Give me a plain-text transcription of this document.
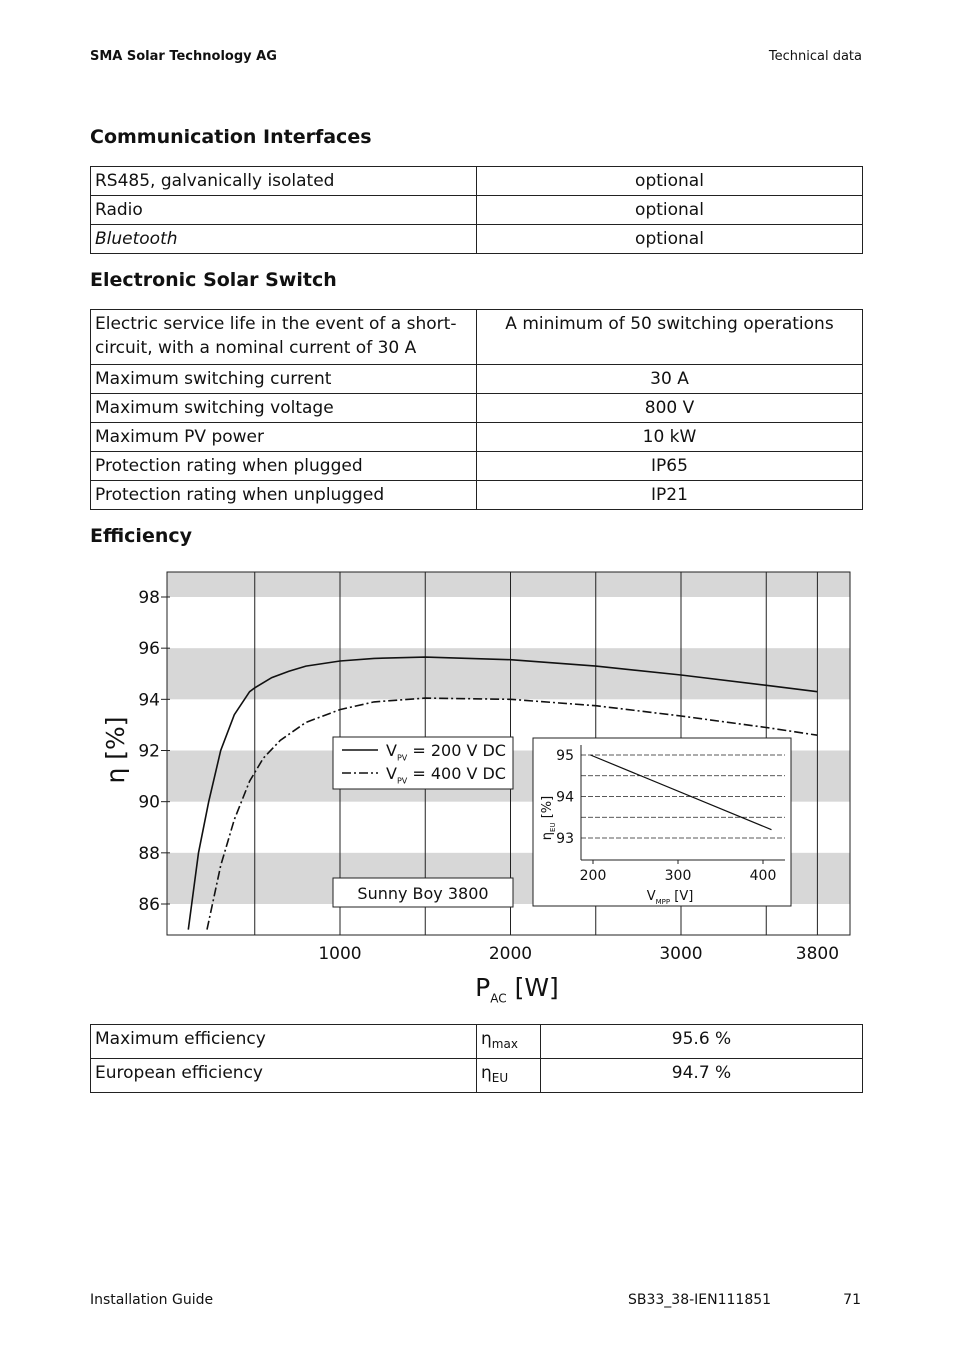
SMA Solar Technology AG	Technical data
Communication Interfaces
RS485, galvanically isolated	optional
Radio	optional
Bluetooth	optional
Electronic Solar Switch
Electric service life in the event of a short-circuit, with a nominal current of 30 A	A minimum of 50 switching operations
Maximum switching current	30 A
Maximum switching voltage	800 V
Maximum PV power	10 kW
Protection rating when plugged	IP65
Protection rating when unplugged	IP21
Efficiency
86
88
90
92
94
96
98
1000	2000	3000	3800
η [%]
$P_{AC}$ [W]
$V_{PV} = 200$ V DC
$V_{PV} = 400$ V DC
Sunny Boy 3800
93
94
95
200	300	400
$V_{MPP}$ [V]
$\eta_{EU}$ [%]
Maximum efficiency	$\eta_{max}$	95.6 %
European efficiency	$\eta_{EU}$	94.7 %
Installation Guide	SB33_38-IEN111851	71
